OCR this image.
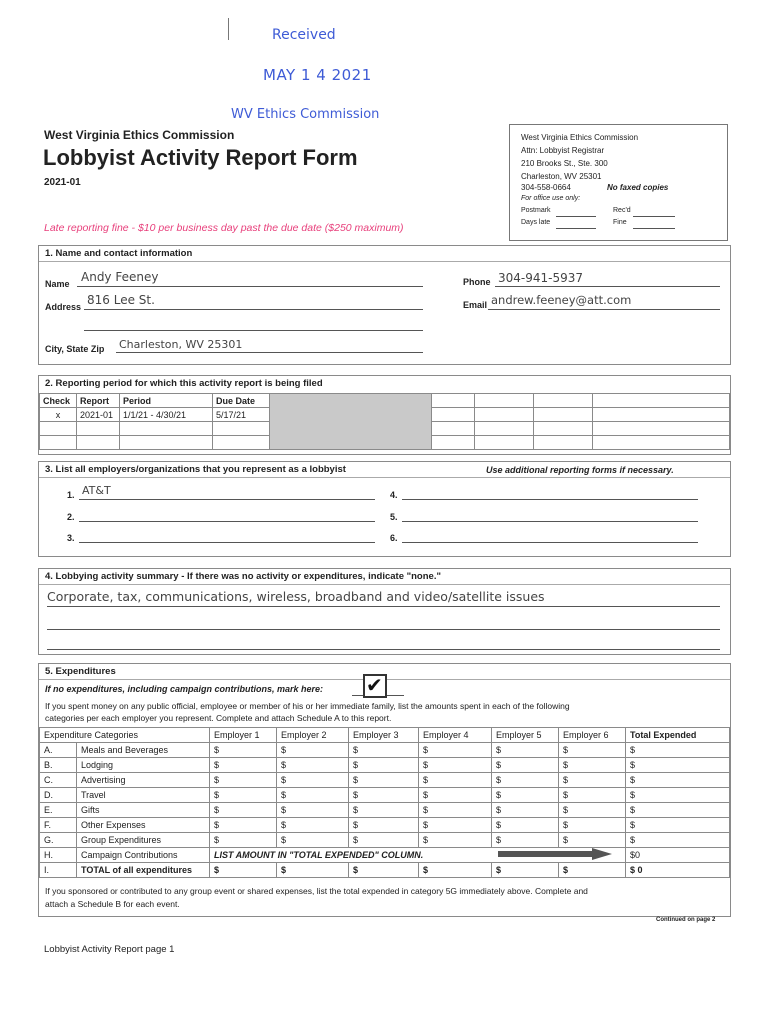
Received
MAY 1 4 2021
WV Ethics Commission
West Virginia Ethics Commission
Lobbyist Activity Report Form
2021-01
Late reporting fine - $10 per business day past the due date ($250 maximum)
West Virginia Ethics Commission
Attn: Lobbyist Registrar
210 Brooks St., Ste. 300
Charleston, WV 25301
304-558-0664	No faxed copies
For office use only:
Postmark	Rec'd
Days late	Fine
1. Name and contact information
Name Andy Feeney
Address 816 Lee St.
City, State Zip Charleston, WV 25301
Phone 304-941-5937
Email andrew.feeney@att.com
2. Reporting period for which this activity report is being filed
Check	Report	Period	Due Date					
x	2021-01	1/1/21 - 4/30/21	5/17/21					

3. List all employers/organizations that you represent as a lobbyist	Use additional reporting forms if necessary.
1. AT&T
2.
3.
4.
5.
6.
4. Lobbying activity summary - If there was no activity or expenditures, indicate "none."
Corporate, tax, communications, wireless, broadband and video/satellite issues
5. Expenditures
If no expenditures, including campaign contributions, mark here: ✔
If you spent money on any public official, employee or member of his or her immediate family, list the amounts spent in each of the following
categories per each employer you represent. Complete and attach Schedule A to this report.
Expenditure Categories		Employer 1	Employer 2	Employer 3	Employer 4	Employer 5	Employer 6	Total Expended
A.	Meals and Beverages	$	$	$	$	$	$	$
B.	Lodging	$	$	$	$	$	$	$
C.	Advertising	$	$	$	$	$	$	$
D.	Travel	$	$	$	$	$	$	$
E.	Gifts	$	$	$	$	$	$	$
F.	Other Expenses	$	$	$	$	$	$	$
G.	Group Expenditures	$	$	$	$	$	$	$
H.	Campaign Contributions	LIST AMOUNT IN "TOTAL EXPENDED" COLUMN.						$0
I.	TOTAL of all expenditures	$	$	$	$	$	$	$ 0
If you sponsored or contributed to any group event or shared expenses, list the total expended in category 5G immediately above. Complete and
attach a Schedule B for each event.
Continued on page 2
Lobbyist Activity Report page 1
